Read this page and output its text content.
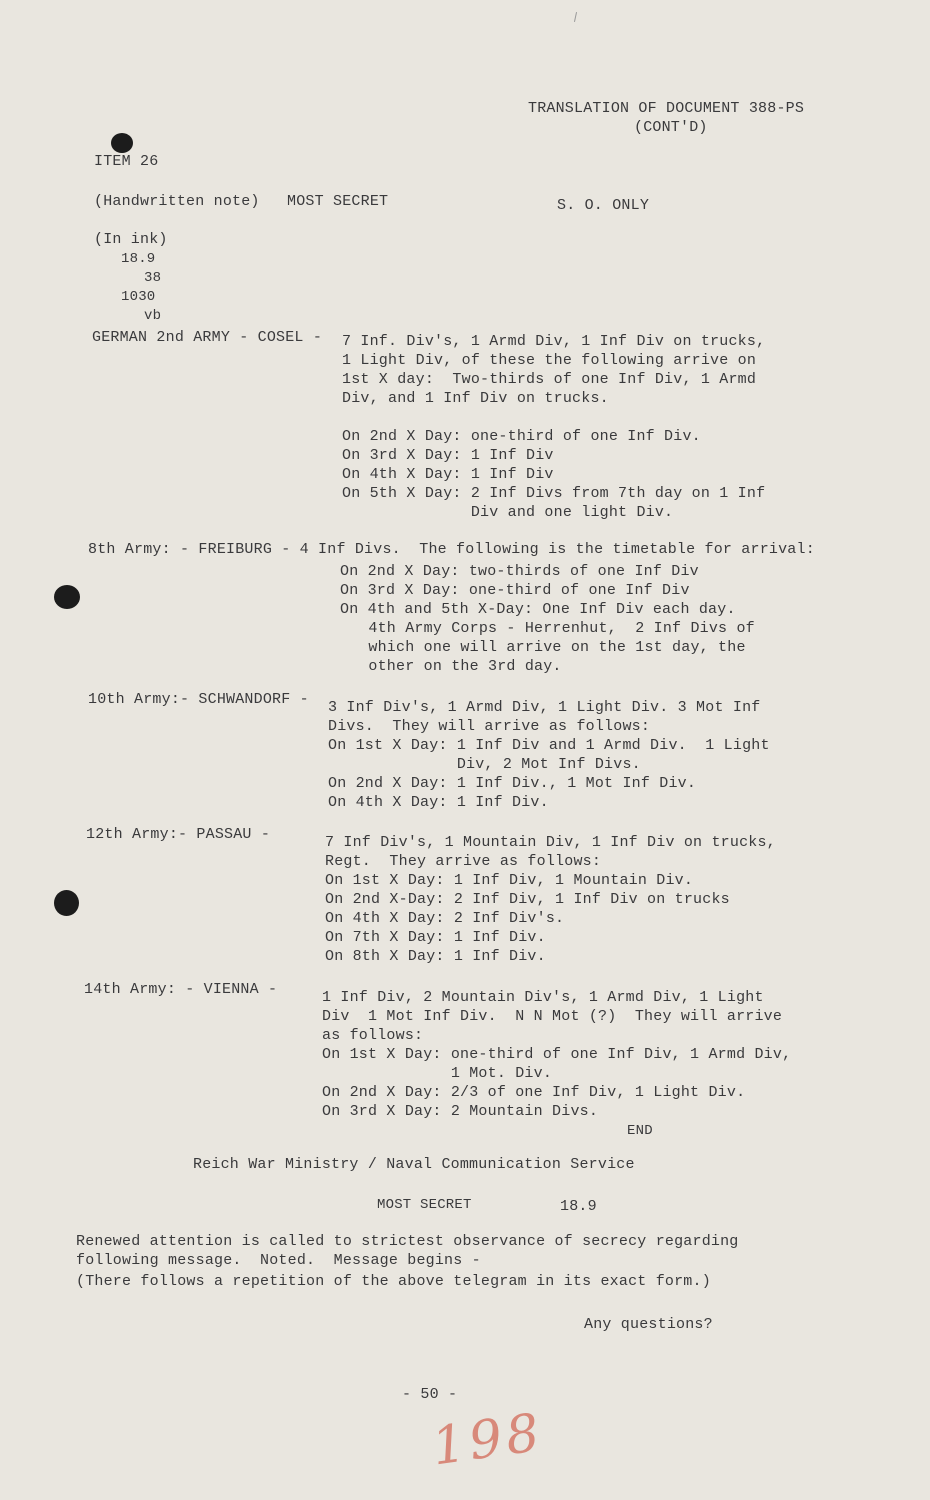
TRANSLATION OF DOCUMENT 388-PS
(CONT'D)
ITEM 26
(Handwritten note) MOST SECRET	S. O. ONLY
(In ink)
18.9
38
1030
vb
GERMAN 2nd ARMY - COSEL - 7 Inf. Div's, 1 Armd Div, 1 Inf Div on trucks,
1 Light Div, of these the following arrive on
1st X day:  Two-thirds of one Inf Div, 1 Armd
Div, and 1 Inf Div on trucks.
On 2nd X Day: one-third of one Inf Div.
On 3rd X Day: 1 Inf Div
On 4th X Day: 1 Inf Div
On 5th X Day: 2 Inf Divs from 7th day on 1 Inf
Div and one light Div.
8th Army: - FREIBURG - 4 Inf Divs.  The following is the timetable for arrival:
On 2nd X Day: two-thirds of one Inf Div
On 3rd X Day: one-third of one Inf Div
On 4th and 5th X-Day: One Inf Div each day.
4th Army Corps - Herrenhut,  2 Inf Divs of
which one will arrive on the 1st day, the
other on the 3rd day.
10th Army:- SCHWANDORF - 3 Inf Div's, 1 Armd Div, 1 Light Div. 3 Mot Inf
Divs.  They will arrive as follows:
On 1st X Day: 1 Inf Div and 1 Armd Div.  1 Light
Div, 2 Mot Inf Divs.
On 2nd X Day: 1 Inf Div., 1 Mot Inf Div.
On 4th X Day: 1 Inf Div.
12th Army:- PASSAU -	7 Inf Div's, 1 Mountain Div, 1 Inf Div on trucks,
Regt.  They arrive as follows:
On 1st X Day: 1 Inf Div, 1 Mountain Div.
On 2nd X-Day: 2 Inf Div, 1 Inf Div on trucks
On 4th X Day: 2 Inf Div's.
On 7th X Day: 1 Inf Div.
On 8th X Day: 1 Inf Div.
14th Army: - VIENNA -	1 Inf Div, 2 Mountain Div's, 1 Armd Div, 1 Light
Div  1 Mot Inf Div.  N N Mot (?)  They will arrive
as follows:
On 1st X Day: one-third of one Inf Div, 1 Armd Div,
1 Mot. Div.
On 2nd X Day: 2/3 of one Inf Div, 1 Light Div.
On 3rd X Day: 2 Mountain Divs.
END
Reich War Ministry / Naval Communication Service
MOST SECRET	18.9
Renewed attention is called to strictest observance of secrecy regarding
following message.  Noted.  Message begins -
(There follows a repetition of the above telegram in its exact form.)
Any questions?
- 50 -
198
